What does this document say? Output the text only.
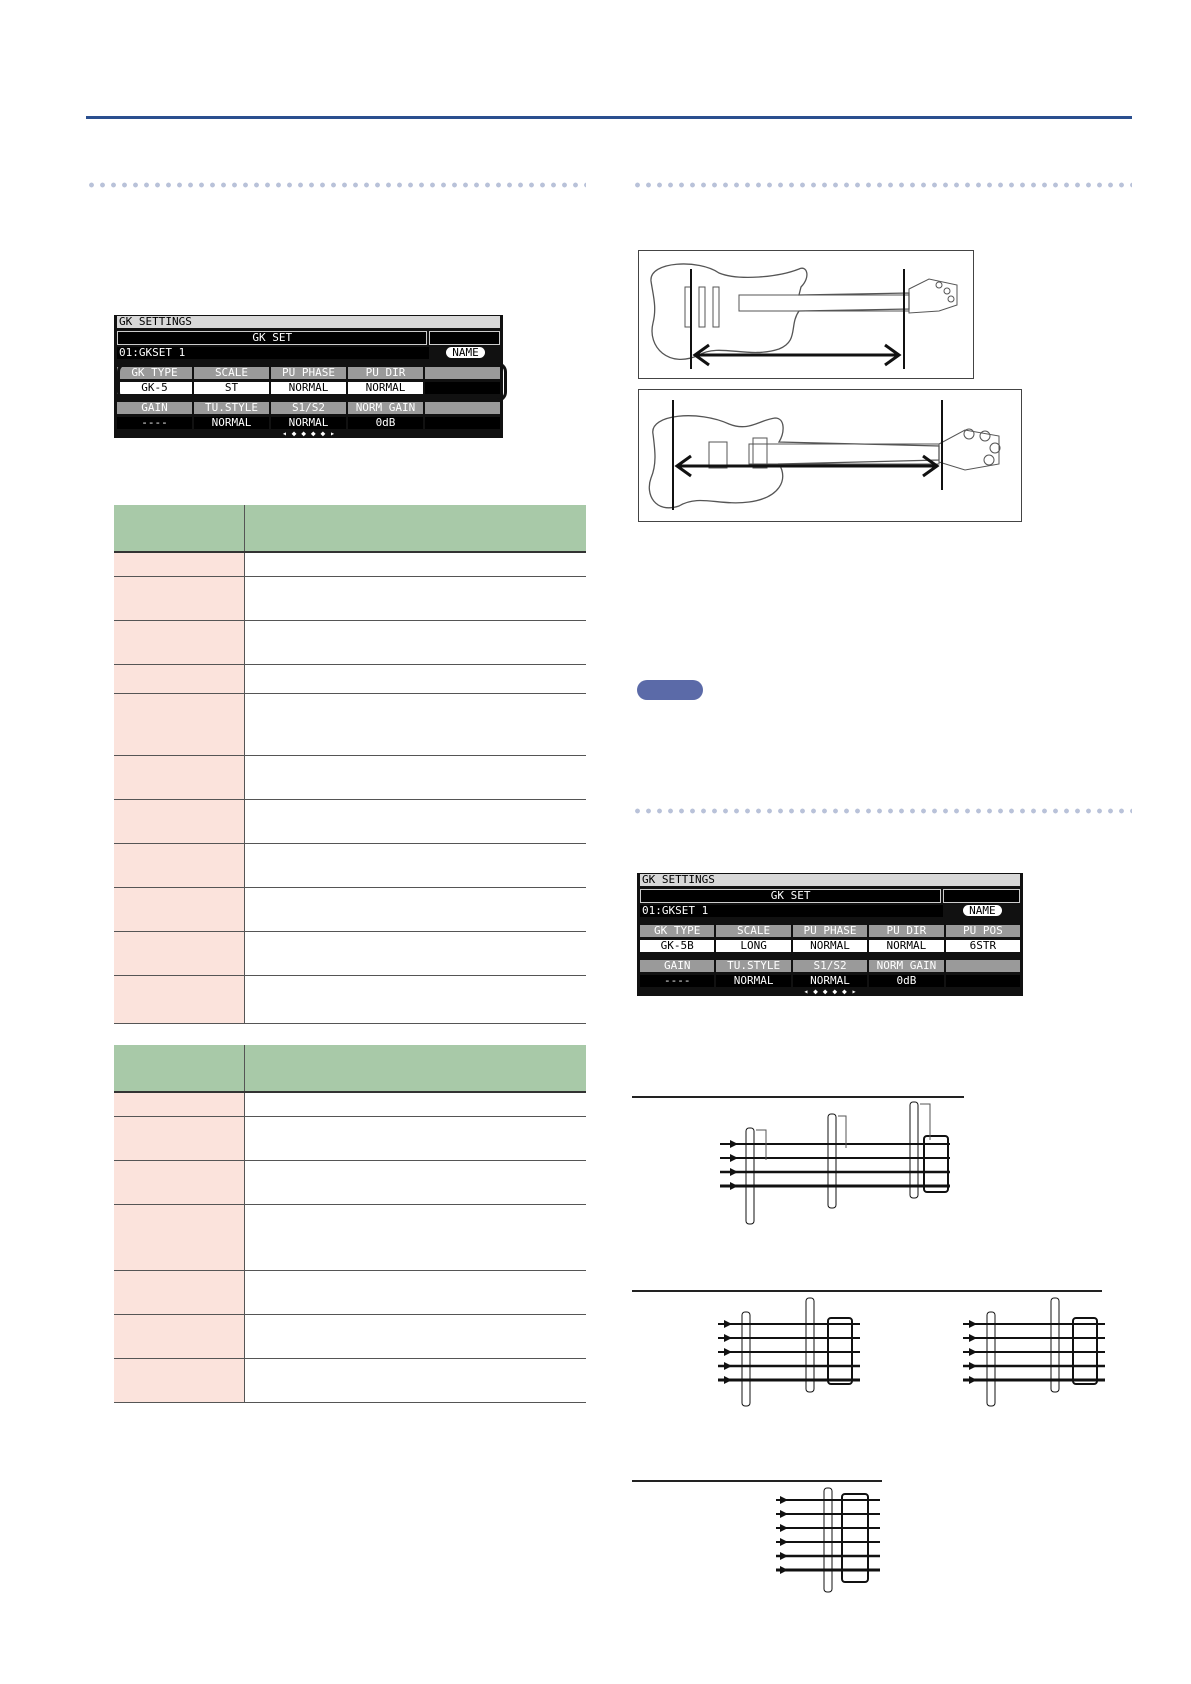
GK SETTINGS
GK SET
01:GKSET 1	NAME
GK TYPE	SCALE	PU PHASE	PU DIR
GK-5	ST	NORMAL	NORMAL
GAIN	TU.STYLE	S1/S2	NORM GAIN
----	NORMAL	NORMAL	0dB
◂ ◆ ◆ ◆ ◆ ▸

GK SETTINGS
GK SET
01:GKSET 1	NAME
GK TYPE	SCALE	PU PHASE	PU DIR	PU POS
GK-5B	LONG	NORMAL	NORMAL	6STR
GAIN	TU.STYLE	S1/S2	NORM GAIN
----	NORMAL	NORMAL	0dB
◂ ◆ ◆ ◆ ◆ ▸
